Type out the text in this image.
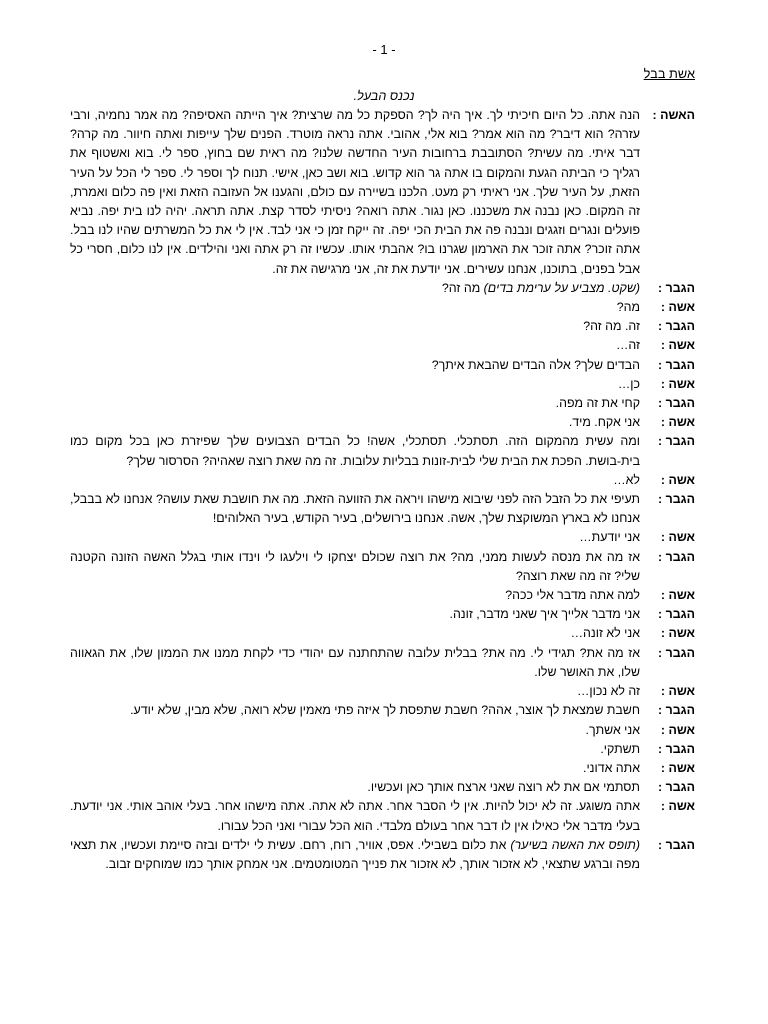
- 1 -
אשת בבל
נכנס הבעל.
האשה :
הנה אתה. כל היום חיכיתי לך. איך היה לך? הספקת כל מה שרצית? איך הייתה האסיפה? מה אמר נחמיה, ורבי עזרה? הוא דיבר? מה הוא אמר? בוא אלי, אהובי. אתה נראה מוטרד. הפנים שלך עייפות ואתה חיוור. מה קרה? דבר איתי. מה עשית? הסתובבת ברחובות העיר החדשה שלנו? מה ראית שם בחוץ, ספר לי. בוא ואשטוף את רגליך כי הביתה הגעת והמקום בו אתה גר הוא קדוש. בוא ושב כאן, אישי. תנוח לך וספר לי. ספר לי הכל על העיר הזאת, על העיר שלך. אני ראיתי רק מעט. הלכנו בשיירה עם כולם, והגענו אל העזובה הזאת ואין פה כלום ואמרת, זה המקום. כאן נבנה את משכננו. כאן נגור. אתה רואה? ניסיתי לסדר קצת. אתה תראה. יהיה לנו בית יפה. נביא פועלים ונגרים וזגגים ונבנה פה את הבית הכי יפה. זה ייקח זמן כי אני לבד. אין לי את כל המשרתים שהיו לנו בבל. אתה זוכר? אתה זוכר את הארמון שגרנו בו? אהבתי אותו. עכשיו זה רק אתה ואני והילדים. אין לנו כלום, חסרי כל אבל בפנים, בתוכנו, אנחנו עשירים. אני יודעת את זה, אני מרגישה את זה.
הגבר :
(שקט. מצביע על ערימת בדים) מה זה?
אשה :
מה?
הגבר :
זה. מה זה?
אשה :
זה…
הגבר :
הבדים שלך? אלה הבדים שהבאת איתך?
אשה :
כן…
הגבר :
קחי את זה מפה.
אשה :
אני אקח. מיד.
הגבר :
ומה עשית מהמקום הזה. תסתכלי. תסתכלי, אשה! כל הבדים הצבועים שלך שפיזרת כאן בכל מקום כמו בית-בושת. הפכת את הבית שלי לבית-זונות בבליות עלובות. זה מה שאת רוצה שאהיה? הסרסור שלך?
אשה :
לא…
הגבר :
תעיפי את כל הזבל הזה לפני שיבוא מישהו ויראה את הזוועה הזאת. מה את חושבת שאת עושה? אנחנו לא בבבל, אנחנו לא בארץ המשוקצת שלך, אשה. אנחנו בירושלים, בעיר הקודש, בעיר האלוהים!
אשה :
אני יודעת…
הגבר :
אז מה את מנסה לעשות ממני, מה? את רוצה שכולם יצחקו לי וילעגו לי וינדו אותי בגלל האשה הזונה הקטנה שלי? זה מה שאת רוצה?
אשה :
למה אתה מדבר אלי ככה?
הגבר :
אני מדבר אלייך איך שאני מדבר, זונה.
אשה :
אני לא זונה…
הגבר :
אז מה את? תגידי לי. מה את? בבלית עלובה שהתחתנה עם יהודי כדי לקחת ממנו את הממון שלו, את הגאווה שלו, את האושר שלו.
אשה :
זה לא נכון…
הגבר :
חשבת שמצאת לך אוצר, אהה? חשבת שתפסת לך איזה פתי מאמין שלא רואה, שלא מבין, שלא יודע.
אשה :
אני אשתך.
הגבר :
תשתקי.
אשה :
אתה אדוני.
הגבר :
תסתמי אם את לא רוצה שאני ארצח אותך כאן ועכשיו.
אשה :
אתה משוגע. זה לא יכול להיות. אין לי הסבר אחר. אתה לא אתה. אתה מישהו אחר. בעלי אוהב אותי. אני יודעת. בעלי מדבר אלי כאילו אין לו דבר אחר בעולם מלבדי. הוא הכל עבורי ואני הכל עבורו.
הגבר :
(תופס את האשה בשיער) את כלום בשבילי. אפס, אוויר, רוח, רחם. עשית לי ילדים ובזה סיימת ועכשיו, את תצאי מפה וברגע שתצאי, לא אזכור אותך, לא אזכור את פנייך המטומטמים. אני אמחק אותך כמו שמוחקים זבוב.
